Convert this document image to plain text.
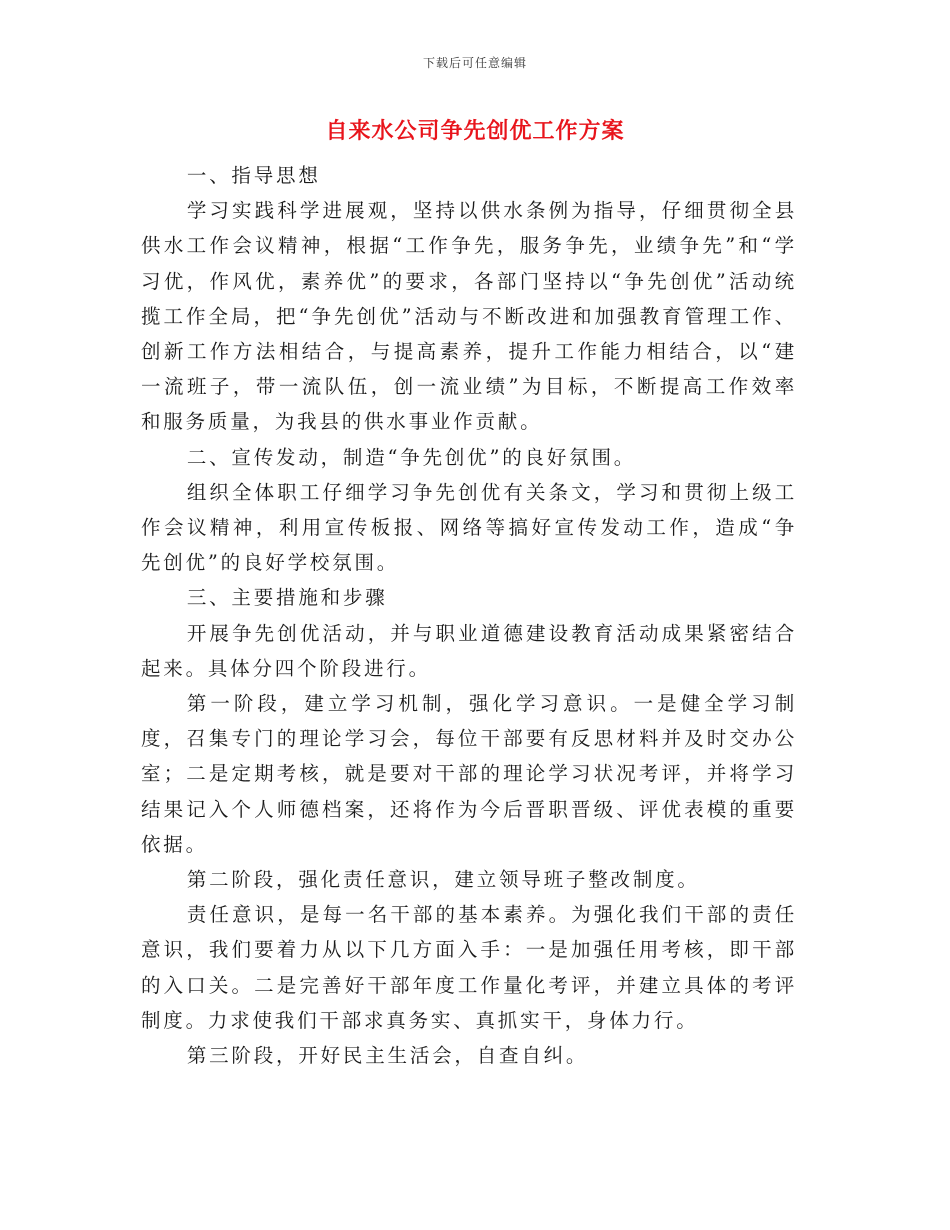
下载后可任意编辑
自来水公司争先创优工作方案

一、指导思想

学习实践科学进展观，坚持以供水条例为指导，仔细贯彻全县供水工作会议精神，根据“工作争先，服务争先，业绩争先”和“学习优，作风优，素养优”的要求，各部门坚持以“争先创优”活动统揽工作全局，把“争先创优”活动与不断改进和加强教育管理工作、创新工作方法相结合，与提高素养，提升工作能力相结合，以“建一流班子，带一流队伍，创一流业绩”为目标，不断提高工作效率和服务质量，为我县的供水事业作贡献。

二、宣传发动，制造“争先创优”的良好氛围。

组织全体职工仔细学习争先创优有关条文，学习和贯彻上级工作会议精神，利用宣传板报、网络等搞好宣传发动工作，造成“争先创优”的良好学校氛围。

三、主要措施和步骤

开展争先创优活动，并与职业道德建设教育活动成果紧密结合起来。具体分四个阶段进行。

第一阶段，建立学习机制，强化学习意识。一是健全学习制度，召集专门的理论学习会，每位干部要有反思材料并及时交办公室；二是定期考核，就是要对干部的理论学习状况考评，并将学习结果记入个人师德档案，还将作为今后晋职晋级、评优表模的重要依据。

第二阶段，强化责任意识，建立领导班子整改制度。

责任意识，是每一名干部的基本素养。为强化我们干部的责任意识，我们要着力从以下几方面入手：一是加强任用考核，即干部的入口关。二是完善好干部年度工作量化考评，并建立具体的考评制度。力求使我们干部求真务实、真抓实干，身体力行。

第三阶段，开好民主生活会，自查自纠。
